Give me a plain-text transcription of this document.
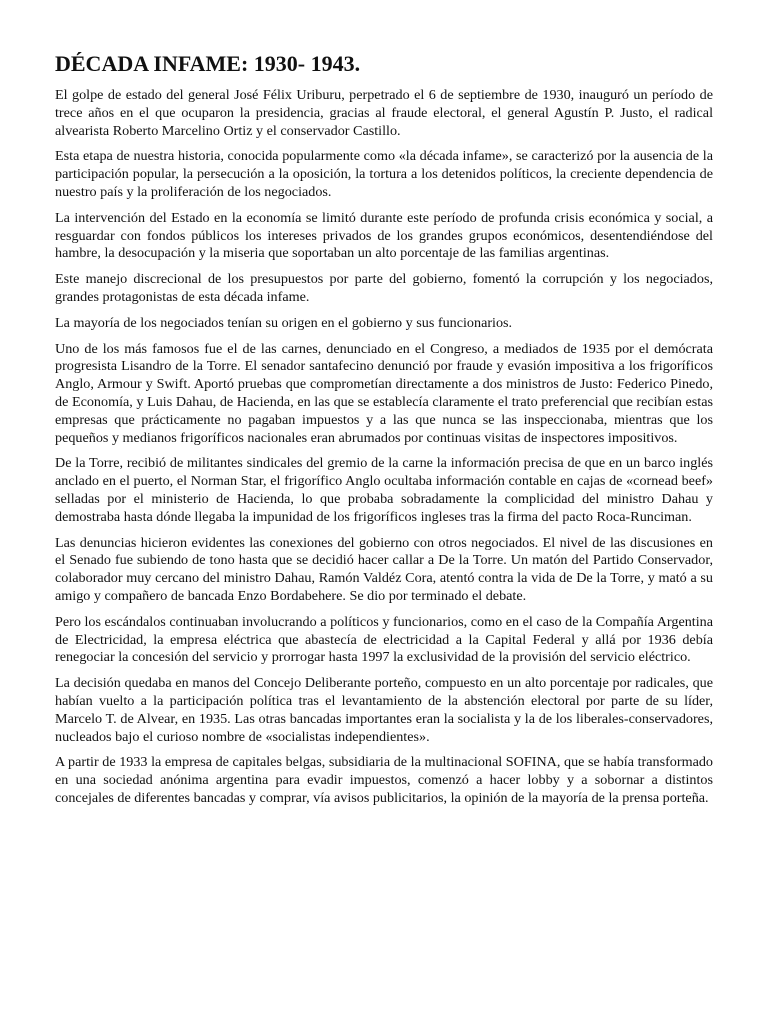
DÉCADA INFAME: 1930- 1943.

El golpe de estado del general José Félix Uriburu, perpetrado el 6 de septiembre de 1930, inauguró un período de trece años en el que ocuparon la presidencia, gracias al fraude electoral, el general Agustín P. Justo, el radical alvearista Roberto Marcelino Ortiz y el conservador Castillo.

Esta etapa de nuestra historia, conocida popularmente como «la década infame», se caracterizó por la ausencia de la participación popular, la persecución a la oposición, la tortura a los detenidos políticos, la creciente dependencia de nuestro país y la proliferación de los negociados.

La intervención del Estado en la economía se limitó durante este período de profunda crisis económica y social, a resguardar con fondos públicos los intereses privados de los grandes grupos económicos, desentendiéndose del hambre, la desocupación y la miseria que soportaban un alto porcentaje de las familias argentinas.

Este manejo discrecional de los presupuestos por parte del gobierno, fomentó la corrupción y los negociados, grandes protagonistas de esta década infame.

La mayoría de los negociados tenían su origen en el gobierno y sus funcionarios.

Uno de los más famosos fue el de las carnes, denunciado en el Congreso, a mediados de 1935 por el demócrata progresista Lisandro de la Torre. El senador santafecino denunció por fraude y evasión impositiva a los frigoríficos Anglo, Armour y Swift. Aportó pruebas que comprometían directamente a dos ministros de Justo: Federico Pinedo, de Economía, y Luis Dahau, de Hacienda, en las que se establecía claramente el trato preferencial que recibían estas empresas que prácticamente no pagaban impuestos y a las que nunca se las inspeccionaba, mientras que los pequeños y medianos frigoríficos nacionales eran abrumados por continuas visitas de inspectores impositivos.

De la Torre, recibió de militantes sindicales del gremio de la carne la información precisa de que en un barco inglés anclado en el puerto, el Norman Star, el frigorífico Anglo ocultaba información contable en cajas de «cornead beef» selladas por el ministerio de Hacienda, lo que probaba sobradamente la complicidad del ministro Dahau y demostraba hasta dónde llegaba la impunidad de los frigoríficos ingleses tras la firma del pacto Roca-Runciman.

Las denuncias hicieron evidentes las conexiones del gobierno con otros negociados. El nivel de las discusiones en el Senado fue subiendo de tono hasta que se decidió hacer callar a De la Torre. Un matón del Partido Conservador, colaborador muy cercano del ministro Dahau, Ramón Valdéz Cora, atentó contra la vida de De la Torre, y mató a su amigo y compañero de bancada Enzo Bordabehere. Se dio por terminado el debate.

Pero los escándalos continuaban involucrando a políticos y funcionarios, como en el caso de la Compañía Argentina de Electricidad, la empresa eléctrica que abastecía de electricidad a la Capital Federal y allá por 1936 debía renegociar la concesión del servicio y prorrogar hasta 1997 la exclusividad de la provisión del servicio eléctrico.

La decisión quedaba en manos del Concejo Deliberante porteño, compuesto en un alto porcentaje por radicales, que habían vuelto a la participación política tras el levantamiento de la abstención electoral por parte de su líder, Marcelo T. de Alvear, en 1935. Las otras bancadas importantes eran la socialista y la de los liberales-conservadores, nucleados bajo el curioso nombre de «socialistas independientes».

A partir de 1933 la empresa de capitales belgas, subsidiaria de la multinacional SOFINA, que se había transformado en una sociedad anónima argentina para evadir impuestos, comenzó a hacer lobby y a sobornar a distintos concejales de diferentes bancadas y comprar, vía avisos publicitarios, la opinión de la mayoría de la prensa porteña.
